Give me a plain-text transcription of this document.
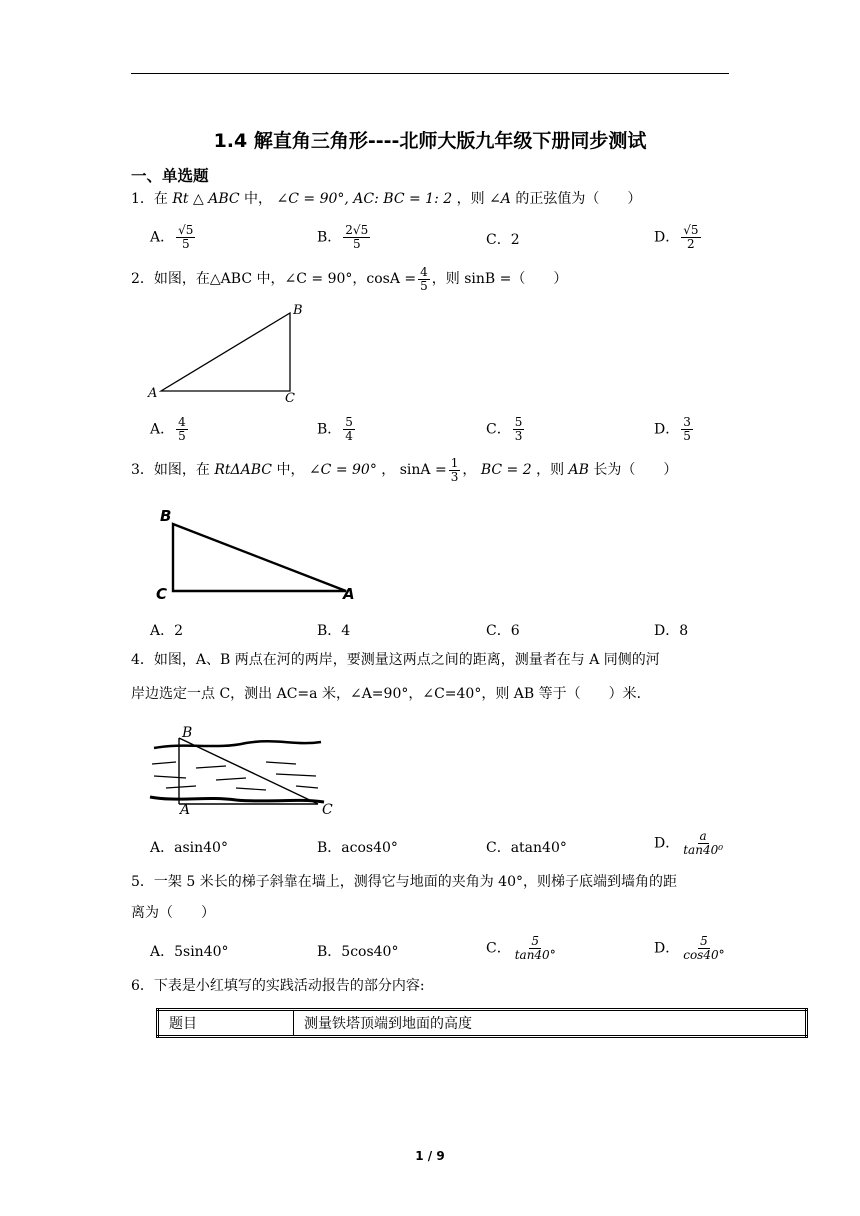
1.4 解直角三角形----北师大版九年级下册同步测试
一、单选题
1．在 Rt △ ABC 中， ∠C = 90°, AC: BC = 1: 2 ，则 ∠A 的正弦值为（　　）
A． $\frac{√5}{5}$	B． $\frac{2√5}{5}$	C．2	D． $\frac{√5}{2}$
2．如图，在△ABC 中，∠C = 90°，$\cos A = \frac{4}{5}$ ，则 sinB =（　　）
B
A	C
A． $\frac{4}{5}$	B． $\frac{5}{4}$	C． $\frac{5}{3}$	D． $\frac{3}{5}$
3．如图，在 RtΔABC 中， ∠C = 90° ， $\sin A = \frac{1}{3}$ ， BC = 2 ，则 AB 长为（　　）
B
C	A
A．2	B．4	C．6	D．8
4．如图，A、B 两点在河的两岸，要测量这两点之间的距离，测量者在与 A 同侧的河
岸边选定一点 C，测出 AC=a 米，∠A=90°，∠C=40°，则 AB 等于（　　）米．
B
A	C
A．asin40°	B．acos40°	C．atan40°	D． $\frac{a}{\text{tan40⁰}}$
5．一架 5 米长的梯子斜靠在墙上，测得它与地面的夹角为 40°，则梯子底端到墙角的距
离为（　　）
A．5sin40°	B．5cos40°	C． $\frac{5}{\tan 40^\circ}$	D． $\frac{5}{\cos 40^\circ}$
6．下表是小红填写的实践活动报告的部分内容:
题目	测量铁塔顶端到地面的高度
1 / 9
